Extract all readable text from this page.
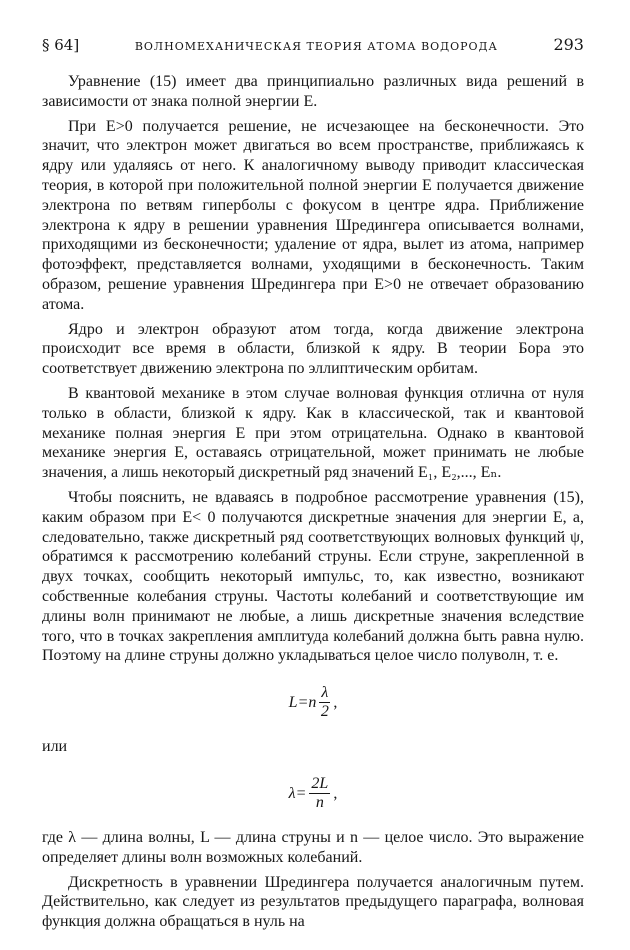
§ 64]	ВОЛНОМЕХАНИЧЕСКАЯ ТЕОРИЯ АТОМА ВОДОРОДА	293

Уравнение (15) имеет два принципиально различных вида решений в зависимости от знака полной энергии E.

При E>0 получается решение, не исчезающее на бесконечности. Это значит, что электрон может двигаться во всем пространстве, приближаясь к ядру или удаляясь от него. К аналогичному выводу приводит классическая теория, в которой при положительной полной энергии E получается движение электрона по ветвям гиперболы с фокусом в центре ядра. Приближение электрона к ядру в решении уравнения Шредингера описывается волнами, приходящими из бесконечности; удаление от ядра, вылет из атома, например фотоэффект, представляется волнами, уходящими в бесконечность. Таким образом, решение уравнения Шредингера при E>0 не отвечает образованию атома.

Ядро и электрон образуют атом тогда, когда движение электрона происходит все время в области, близкой к ядру. В теории Бора это соответствует движению электрона по эллиптическим орбитам.

В квантовой механике в этом случае волновая функция отлична от нуля только в области, близкой к ядру. Как в классической, так и квантовой механике полная энергия E при этом отрицательна. Однако в квантовой механике энергия E, оставаясь отрицательной, может принимать не любые значения, а лишь некоторый дискретный ряд значений E₁, E₂,..., Eₙ.

Чтобы пояснить, не вдаваясь в подробное рассмотрение уравнения (15), каким образом при E< 0 получаются дискретные значения для энергии E, а, следовательно, также дискретный ряд соответствующих волновых функций ψ, обратимся к рассмотрению колебаний струны. Если струне, закрепленной в двух точках, сообщить некоторый импульс, то, как известно, возникают собственные колебания струны. Частоты колебаний и соответствующие им длины волн принимают не любые, а лишь дискретные значения вследствие того, что в точках закрепления амплитуда колебаний должна быть равна нулю. Поэтому на длине струны должно укладываться целое число полуволн, т. е.

$L=n \frac{\lambda}{2}$ ,

или

$\lambda= \frac{2L}{n}$ ,

где λ — длина волны, L — длина струны и n — целое число. Это выражение определяет длины волн возможных колебаний.

Дискретность в уравнении Шредингера получается аналогичным путем. Действительно, как следует из результатов предыдущего параграфа, волновая функция должна обращаться в нуль на
